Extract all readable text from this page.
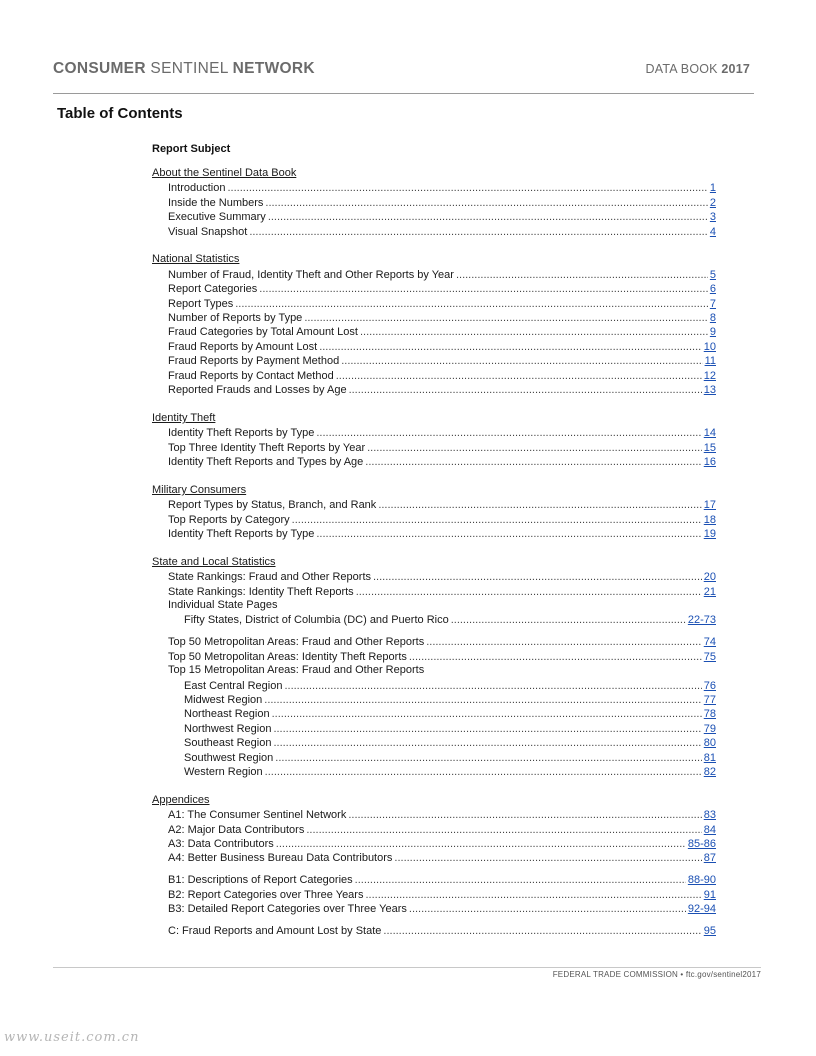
CONSUMER SENTINEL NETWORK	DATA BOOK 2017
Table of Contents
Report Subject
About the Sentinel Data Book
National Statistics
Identity Theft
Military Consumers
State and Local Statistics
Appendices
Introduction .....	1
Inside the Numbers .....	2
Executive Summary .....	3
Visual Snapshot .....	4
Number of Fraud, Identity Theft and Other Reports by Year .....	5
Report Categories .....	6
Report Types .....	7
Number of Reports by Type .....	8
Fraud Categories by Total Amount Lost .....	9
Fraud Reports by Amount Lost .....	10
Fraud Reports by Payment Method .....	11
Fraud Reports by Contact Method .....	12
Reported Frauds and Losses by Age .....	13
Identity Theft Reports by Type .....	14
Top Three Identity Theft Reports by Year .....	15
Identity Theft Reports and Types by Age .....	16
Report Types by Status, Branch, and Rank .....	17
Top Reports by Category .....	18
Identity Theft Reports by Type .....	19
State Rankings: Fraud and Other Reports .....	20
State Rankings: Identity Theft Reports .....	21
Individual State Pages
Fifty States, District of Columbia (DC) and Puerto Rico .....	22-73
Top 50 Metropolitan Areas: Fraud and Other Reports .....	74
Top 50 Metropolitan Areas: Identity Theft Reports .....	75
Top 15 Metropolitan Areas: Fraud and Other Reports
East Central Region .....	76
Midwest Region .....	77
Northeast Region .....	78
Northwest Region .....	79
Southeast Region .....	80
Southwest Region .....	81
Western Region .....	82
A1: The Consumer Sentinel Network .....	83
A2: Major Data Contributors .....	84
A3: Data Contributors .....	85-86
A4: Better Business Bureau Data Contributors .....	87
B1: Descriptions of Report Categories .....	88-90
B2: Report Categories over Three Years .....	91
B3: Detailed Report Categories over Three Years .....	92-94
C: Fraud Reports and Amount Lost by State .....	95
FEDERAL TRADE COMMISSION • ftc.gov/sentinel2017
www.useit.com.cn
